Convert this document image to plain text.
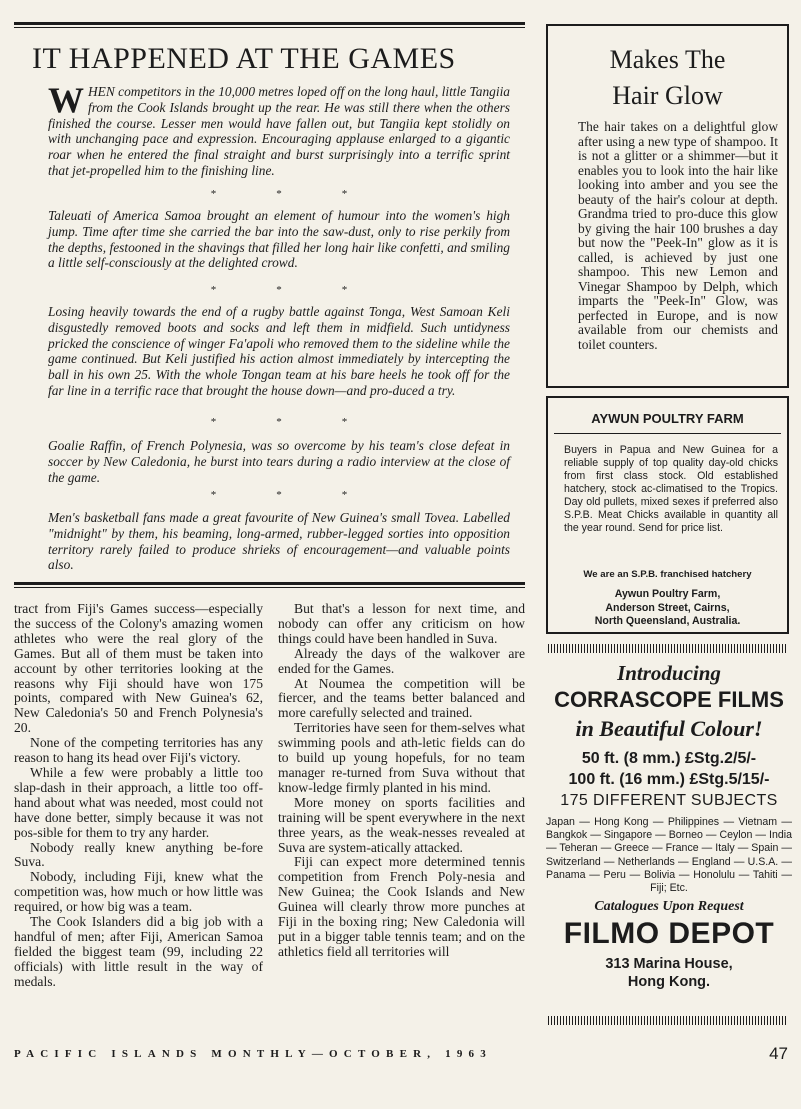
IT HAPPENED AT THE GAMES
WHEN competitors in the 10,000 metres loped off on the long haul, little Tangiia from the Cook Islands brought up the rear. He was still there when the others finished the course. Lesser men would have fallen out, but Tangiia kept stolidly on with unchanging pace and expression. Encouraging applause enlarged to a gigantic roar when he entered the final straight and burst surprisingly into a terrific sprint that jet-propelled him to the finishing line.
*	*	*
Taleuati of America Samoa brought an element of humour into the women's high jump. Time after time she carried the bar into the saw-dust, only to rise perkily from the depths, festooned in the shavings that filled her long hair like confetti, and smiling a little self-consciously at the delighted crowd.
*	*	*
Losing heavily towards the end of a rugby battle against Tonga, West Samoan Keli disgustedly removed boots and socks and left them in midfield. Such untidyness pricked the conscience of winger Fa'apoli who removed them to the sideline while the game continued. But Keli justified his action almost immediately by intercepting the ball in his own 25. With the whole Tongan team at his bare heels he took off for the far line in a terrific race that brought the house down—and pro-duced a try.
*	*	*
Goalie Raffin, of French Polynesia, was so overcome by his team's close defeat in soccer by New Caledonia, he burst into tears during a radio interview at the close of the game.
*	*	*
Men's basketball fans made a great favourite of New Guinea's small Tovea. Labelled "midnight" by them, his beaming, long-armed, rubber-legged sorties into opposition territory rarely failed to produce shrieks of encouragement—and valuable points also.

tract from Fiji's Games success—especially the success of the Colony's amazing women athletes who were the real glory of the Games. But all of them must be taken into account by other territories looking at the reasons why Fiji should have won 175 points, compared with New Guinea's 62, New Caledonia's 50 and French Polynesia's 20.

None of the competing territories has any reason to hang its head over Fiji's victory.

While a few were probably a little too slap-dash in their approach, a little too off-hand about what was needed, most could not have done better, simply because it was not pos-sible for them to try any harder.

Nobody really knew anything be-fore Suva.

Nobody, including Fiji, knew what the competition was, how much or how little was required, or how big was a team.

The Cook Islanders did a big job with a handful of men; after Fiji, American Samoa fielded the biggest team (99, including 22 officials) with little result in the way of medals.

But that's a lesson for next time, and nobody can offer any criticism on how things could have been handled in Suva.

Already the days of the walkover are ended for the Games.

At Noumea the competition will be fiercer, and the teams better balanced and more carefully selected and trained.

Territories have seen for them-selves what swimming pools and ath-letic fields can do to build up young hopefuls, for no team manager re-turned from Suva without that know-ledge firmly planted in his mind.

More money on sports facilities and training will be spent everywhere in the next three years, as the weak-nesses revealed at Suva are system-atically attacked.

Fiji can expect more determined tennis competition from French Poly-nesia and New Guinea; the Cook Islands and New Guinea will clearly throw more punches at Fiji in the boxing ring; New Caledonia will put in a bigger table tennis team; and on the athletics field all territories will

Makes The
Hair Glow
The hair takes on a delightful glow after using a new type of shampoo. It is not a glitter or a shimmer—but it enables you to look into the hair like looking into amber and you see the beauty of the hair's colour at depth. Grandma tried to pro-duce this glow by giving the hair 100 brushes a day but now the "Peek-In" glow as it is called, is achieved by just one shampoo. This new Lemon and Vinegar Shampoo by Delph, which imparts the "Peek-In" Glow, was perfected in Europe, and is now available from our chemists and toilet counters.
AYWUN POULTRY FARM
Buyers in Papua and New Guinea for a reliable supply of top quality day-old chicks from first class stock. Old established hatchery, stock ac-climatised to the Tropics. Day old pullets, mixed sexes if preferred also S.P.B. Meat Chicks available in quantity all the year round. Send for price list.
We are an S.P.B. franchised hatchery
Aywun Poultry Farm,
Anderson Street, Cairns,
North Queensland, Australia.
Introducing
CORRASCOPE FILMS
in Beautiful Colour!
50 ft. (8 mm.) £Stg.2/5/-
100 ft. (16 mm.) £Stg.5/15/-
175 DIFFERENT SUBJECTS
Japan — Hong Kong — Philippines — Vietnam — Bangkok — Singapore — Borneo — Ceylon — India — Teheran — Greece — France — Italy — Spain — Switzerland — Netherlands — England — U.S.A. — Panama — Peru — Bolivia — Honolulu — Tahiti — Fiji; Etc.
Catalogues Upon Request
FILMO DEPOT
313 Marina House,
Hong Kong.
PACIFIC ISLANDS MONTHLY—OCTOBER, 1963	47
